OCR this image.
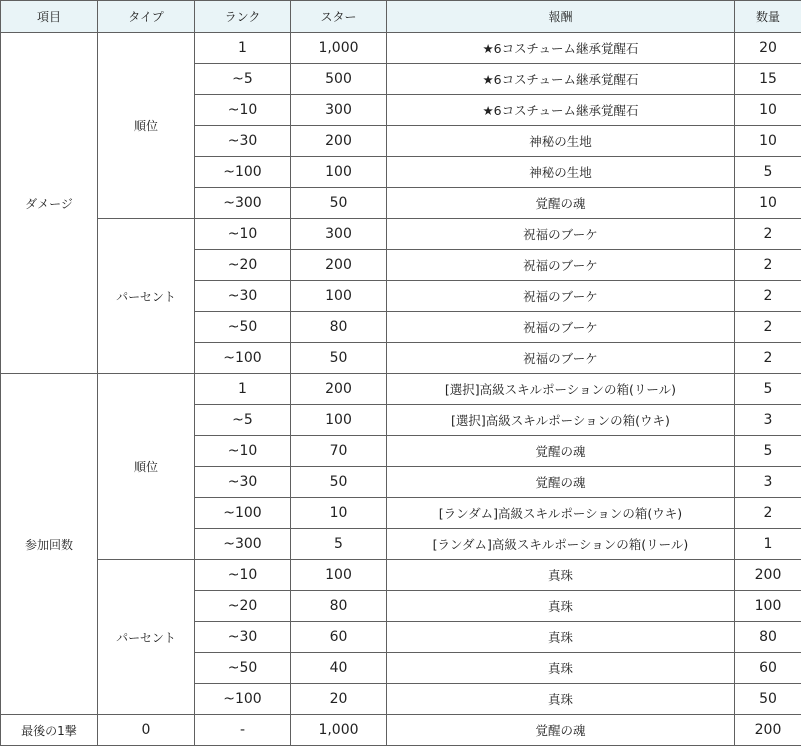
項目	タイプ	ランク	スター	報酬	数量
ダメージ	順位	1	1,000	★6コスチューム継承覚醒石	20
		~5	500	★6コスチューム継承覚醒石	15
		~10	300	★6コスチューム継承覚醒石	10
		~30	200	神秘の生地	10
		~100	100	神秘の生地	5
		~300	50	覚醒の魂	10
	パーセント	~10	300	祝福のブーケ	2
		~20	200	祝福のブーケ	2
		~30	100	祝福のブーケ	2
		~50	80	祝福のブーケ	2
		~100	50	祝福のブーケ	2
参加回数	順位	1	200	[選択]高級スキルポーションの箱(リール)	5
		~5	100	[選択]高級スキルポーションの箱(ウキ)	3
		~10	70	覚醒の魂	5
		~30	50	覚醒の魂	3
		~100	10	[ランダム]高級スキルポーションの箱(ウキ)	2
		~300	5	[ランダム]高級スキルポーションの箱(リール)	1
	パーセント	~10	100	真珠	200
		~20	80	真珠	100
		~30	60	真珠	80
		~50	40	真珠	60
		~100	20	真珠	50
最後の1撃	0	-	1,000	覚醒の魂	200
